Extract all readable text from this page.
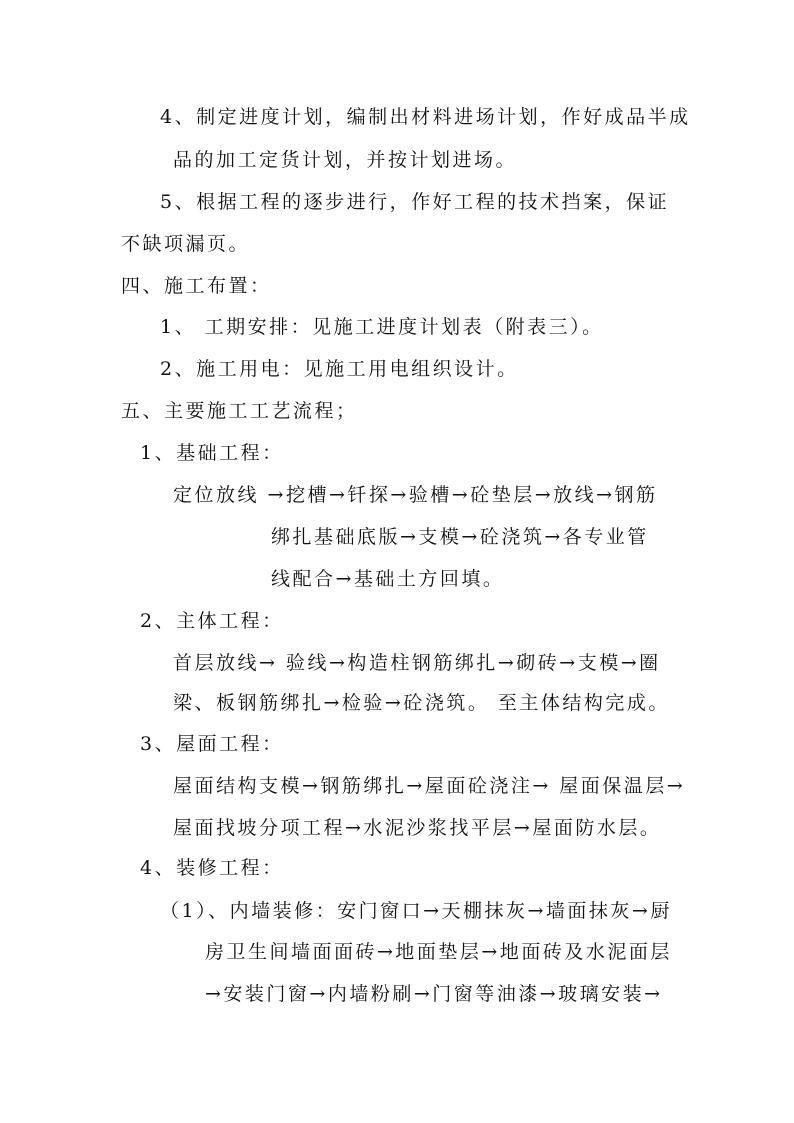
4、制定进度计划，编制出材料进场计划，作好成品半成
品的加工定货计划，并按计划进场。
5、根据工程的逐步进行，作好工程的技术挡案，保证
不缺项漏页。
四、施工布置：
1、 工期安排：见施工进度计划表（附表三）。
2、施工用电：见施工用电组织设计。
五、主要施工工艺流程；
1、基础工程：
定位放线 →挖槽→钎探→验槽→砼垫层→放线→钢筋
绑扎基础底版→支模→砼浇筑→各专业管
线配合→基础土方回填。
2、主体工程：
首层放线→ 验线→构造柱钢筋绑扎→砌砖→支模→圈
梁、板钢筋绑扎→检验→砼浇筑。 至主体结构完成。
3、屋面工程：
屋面结构支模→钢筋绑扎→屋面砼浇注→ 屋面保温层→
屋面找坡分项工程→水泥沙浆找平层→屋面防水层。
4、装修工程：
（1）、内墙装修：安门窗口→天棚抹灰→墙面抹灰→厨
房卫生间墙面面砖→地面垫层→地面砖及水泥面层
→安装门窗→内墙粉刷→门窗等油漆→玻璃安装→
